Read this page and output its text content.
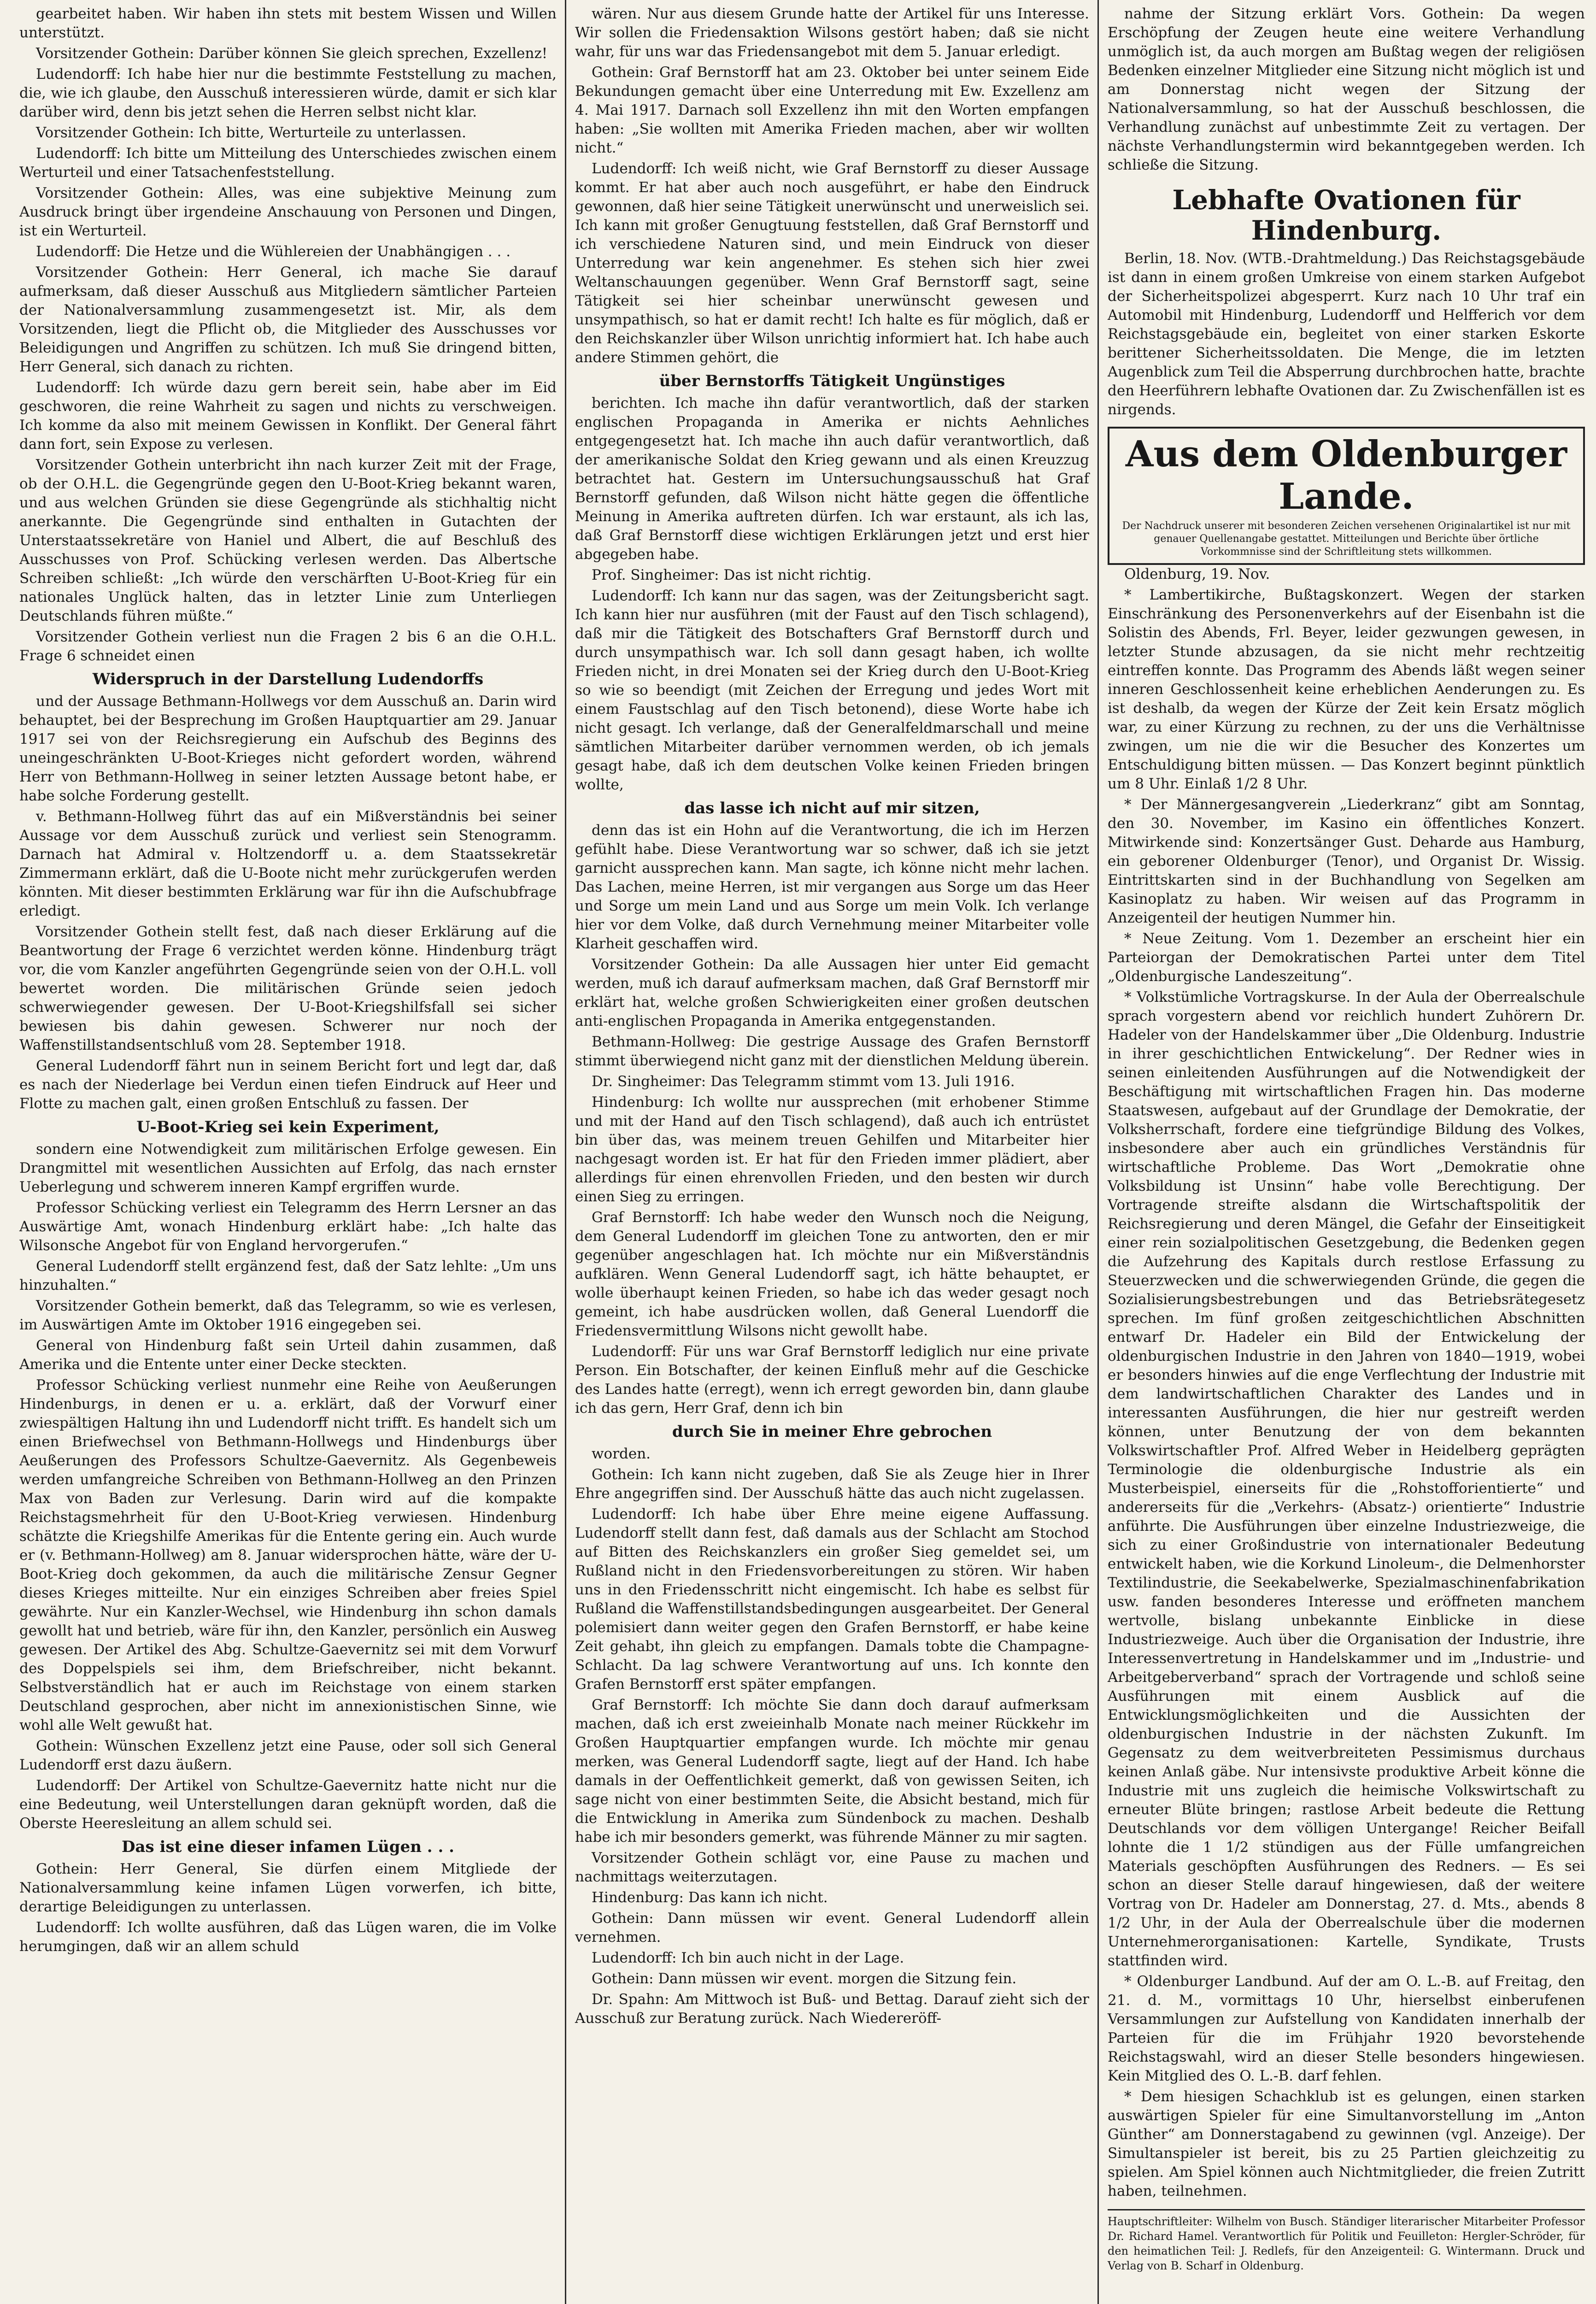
gearbeitet haben. Wir haben ihn stets mit bestem Wissen und Willen unterstützt.

Vorsitzender Gothein: Darüber können Sie gleich sprechen, Exzellenz!

Ludendorff: Ich habe hier nur die bestimmte Feststellung zu machen, die, wie ich glaube, den Ausschuß interessieren würde, damit er sich klar darüber wird, denn bis jetzt sehen die Herren selbst nicht klar.

Vorsitzender Gothein: Ich bitte, Werturteile zu unterlassen.

Ludendorff: Ich bitte um Mitteilung des Unterschiedes zwischen einem Werturteil und einer Tatsachenfeststellung.

Vorsitzender Gothein: Alles, was eine subjektive Meinung zum Ausdruck bringt über irgendeine Anschauung von Personen und Dingen, ist ein Werturteil.

Ludendorff: Die Hetze und die Wühlereien der Unabhängigen . . .

Vorsitzender Gothein: Herr General, ich mache Sie darauf aufmerksam, daß dieser Ausschuß aus Mitgliedern sämtlicher Parteien der Nationalversammlung zusammengesetzt ist. Mir, als dem Vorsitzenden, liegt die Pflicht ob, die Mitglieder des Ausschusses vor Beleidigungen und Angriffen zu schützen. Ich muß Sie dringend bitten, Herr General, sich danach zu richten.

Ludendorff: Ich würde dazu gern bereit sein, habe aber im Eid geschworen, die reine Wahrheit zu sagen und nichts zu verschweigen. Ich komme da also mit meinem Gewissen in Konflikt. Der General fährt dann fort, sein Expose zu verlesen.

Vorsitzender Gothein unterbricht ihn nach kurzer Zeit mit der Frage, ob der O.H.L. die Gegengründe gegen den U-Boot-Krieg bekannt waren, und aus welchen Gründen sie diese Gegengründe als stichhaltig nicht anerkannte. Die Gegengründe sind enthalten in Gutachten der Unterstaatssekretäre von Haniel und Albert, die auf Beschluß des Ausschusses von Prof. Schücking verlesen werden. Das Albertsche Schreiben schließt: „Ich würde den verschärften U-Boot-Krieg für ein nationales Unglück halten, das in letzter Linie zum Unterliegen Deutschlands führen müßte.“

Vorsitzender Gothein verliest nun die Fragen 2 bis 6 an die O.H.L. Frage 6 schneidet einen

Widerspruch in der Darstellung Ludendorffs

und der Aussage Bethmann-Hollwegs vor dem Ausschuß an. Darin wird behauptet, bei der Besprechung im Großen Hauptquartier am 29. Januar 1917 sei von der Reichsregierung ein Aufschub des Beginns des uneingeschränkten U-Boot-Krieges nicht gefordert worden, während Herr von Bethmann-Hollweg in seiner letzten Aussage betont habe, er habe solche Forderung gestellt.

v. Bethmann-Hollweg führt das auf ein Mißverständnis bei seiner Aussage vor dem Ausschuß zurück und verliest sein Stenogramm. Darnach hat Admiral v. Holtzendorff u. a. dem Staatssekretär Zimmermann erklärt, daß die U-Boote nicht mehr zurückgerufen werden könnten. Mit dieser bestimmten Erklärung war für ihn die Aufschubfrage erledigt.

Vorsitzender Gothein stellt fest, daß nach dieser Erklärung auf die Beantwortung der Frage 6 verzichtet werden könne. Hindenburg trägt vor, die vom Kanzler angeführten Gegengründe seien von der O.H.L. voll bewertet worden. Die militärischen Gründe seien jedoch schwerwiegender gewesen. Der U-Boot-Kriegshilfsfall sei sicher bewiesen bis dahin gewesen. Schwerer nur noch der Waffenstillstandsentschluß vom 28. September 1918.

General Ludendorff fährt nun in seinem Bericht fort und legt dar, daß es nach der Niederlage bei Verdun einen tiefen Eindruck auf Heer und Flotte zu machen galt, einen großen Entschluß zu fassen. Der

U-Boot-Krieg sei kein Experiment,

sondern eine Notwendigkeit zum militärischen Erfolge gewesen. Ein Drangmittel mit wesentlichen Aussichten auf Erfolg, das nach ernster Ueberlegung und schwerem inneren Kampf ergriffen wurde.

Professor Schücking verliest ein Telegramm des Herrn Lersner an das Auswärtige Amt, wonach Hindenburg erklärt habe: „Ich halte das Wilsonsche Angebot für von England hervorgerufen.“

General Ludendorff stellt ergänzend fest, daß der Satz lehlte: „Um uns hinzuhalten.“

Vorsitzender Gothein bemerkt, daß das Telegramm, so wie es verlesen, im Auswärtigen Amte im Oktober 1916 eingegeben sei.

General von Hindenburg faßt sein Urteil dahin zusammen, daß Amerika und die Entente unter einer Decke steckten.

Professor Schücking verliest nunmehr eine Reihe von Aeußerungen Hindenburgs, in denen er u. a. erklärt, daß der Vorwurf einer zwiespältigen Haltung ihn und Ludendorff nicht trifft. Es handelt sich um einen Briefwechsel von Bethmann-Hollwegs und Hindenburgs über Aeußerungen des Professors Schultze-Gaevernitz. Als Gegenbeweis werden umfangreiche Schreiben von Bethmann-Hollweg an den Prinzen Max von Baden zur Verlesung. Darin wird auf die kompakte Reichstagsmehrheit für den U-Boot-Krieg verwiesen. Hindenburg schätzte die Kriegshilfe Amerikas für die Entente gering ein. Auch wurde er (v. Bethmann-Hollweg) am 8. Januar widersprochen hätte, wäre der U-Boot-Krieg doch gekommen, da auch die militärische Zensur Gegner dieses Krieges mitteilte. Nur ein einziges Schreiben aber freies Spiel gewährte. Nur ein Kanzler-Wechsel, wie Hindenburg ihn schon damals gewollt hat und betrieb, wäre für ihn, den Kanzler, persönlich ein Ausweg gewesen. Der Artikel des Abg. Schultze-Gaevernitz sei mit dem Vorwurf des Doppelspiels sei ihm, dem Briefschreiber, nicht bekannt. Selbstverständlich hat er auch im Reichstage von einem starken Deutschland gesprochen, aber nicht im annexionistischen Sinne, wie wohl alle Welt gewußt hat.

Gothein: Wünschen Exzellenz jetzt eine Pause, oder soll sich General Ludendorff erst dazu äußern.

Ludendorff: Der Artikel von Schultze-Gaevernitz hatte nicht nur die eine Bedeutung, weil Unterstellungen daran geknüpft worden, daß die Oberste Heeresleitung an allem schuld sei.

Das ist eine dieser infamen Lügen . . .

Gothein: Herr General, Sie dürfen einem Mitgliede der Nationalversammlung keine infamen Lügen vorwerfen, ich bitte, derartige Beleidigungen zu unterlassen.

Ludendorff: Ich wollte ausführen, daß das Lügen waren, die im Volke herumgingen, daß wir an allem schuld

wären. Nur aus diesem Grunde hatte der Artikel für uns Interesse. Wir sollen die Friedensaktion Wilsons gestört haben; daß sie nicht wahr, für uns war das Friedensangebot mit dem 5. Januar erledigt.

Gothein: Graf Bernstorff hat am 23. Oktober bei unter seinem Eide Bekundungen gemacht über eine Unterredung mit Ew. Exzellenz am 4. Mai 1917. Darnach soll Exzellenz ihn mit den Worten empfangen haben: „Sie wollten mit Amerika Frieden machen, aber wir wollten nicht.“

Ludendorff: Ich weiß nicht, wie Graf Bernstorff zu dieser Aussage kommt. Er hat aber auch noch ausgeführt, er habe den Eindruck gewonnen, daß hier seine Tätigkeit unerwünscht und unerweislich sei. Ich kann mit großer Genugtuung feststellen, daß Graf Bernstorff und ich verschiedene Naturen sind, und mein Eindruck von dieser Unterredung war kein angenehmer. Es stehen sich hier zwei Weltanschauungen gegenüber. Wenn Graf Bernstorff sagt, seine Tätigkeit sei hier scheinbar unerwünscht gewesen und unsympathisch, so hat er damit recht! Ich halte es für möglich, daß er den Reichskanzler über Wilson unrichtig informiert hat. Ich habe auch andere Stimmen gehört, die

über Bernstorffs Tätigkeit Ungünstiges

berichten. Ich mache ihn dafür verantwortlich, daß der starken englischen Propaganda in Amerika er nichts Aehnliches entgegengesetzt hat. Ich mache ihn auch dafür verantwortlich, daß der amerikanische Soldat den Krieg gewann und als einen Kreuzzug betrachtet hat. Gestern im Untersuchungsausschuß hat Graf Bernstorff gefunden, daß Wilson nicht hätte gegen die öffentliche Meinung in Amerika auftreten dürfen. Ich war erstaunt, als ich las, daß Graf Bernstorff diese wichtigen Erklärungen jetzt und erst hier abgegeben habe.

Prof. Singheimer: Das ist nicht richtig.

Ludendorff: Ich kann nur das sagen, was der Zeitungsbericht sagt. Ich kann hier nur ausführen (mit der Faust auf den Tisch schlagend), daß mir die Tätigkeit des Botschafters Graf Bernstorff durch und durch unsympathisch war. Ich soll dann gesagt haben, ich wollte Frieden nicht, in drei Monaten sei der Krieg durch den U-Boot-Krieg so wie so beendigt (mit Zeichen der Erregung und jedes Wort mit einem Faustschlag auf den Tisch betonend), diese Worte habe ich nicht gesagt. Ich verlange, daß der Generalfeldmarschall und meine sämtlichen Mitarbeiter darüber vernommen werden, ob ich jemals gesagt habe, daß ich dem deutschen Volke keinen Frieden bringen wollte,

das lasse ich nicht auf mir sitzen,

denn das ist ein Hohn auf die Verantwortung, die ich im Herzen gefühlt habe. Diese Verantwortung war so schwer, daß ich sie jetzt garnicht aussprechen kann. Man sagte, ich könne nicht mehr lachen. Das Lachen, meine Herren, ist mir vergangen aus Sorge um das Heer und Sorge um mein Land und aus Sorge um mein Volk. Ich verlange hier vor dem Volke, daß durch Vernehmung meiner Mitarbeiter volle Klarheit geschaffen wird.

Vorsitzender Gothein: Da alle Aussagen hier unter Eid gemacht werden, muß ich darauf aufmerksam machen, daß Graf Bernstorff mir erklärt hat, welche großen Schwierigkeiten einer großen deutschen anti-englischen Propaganda in Amerika entgegenstanden.

Bethmann-Hollweg: Die gestrige Aussage des Grafen Bernstorff stimmt überwiegend nicht ganz mit der dienstlichen Meldung überein.

Dr. Singheimer: Das Telegramm stimmt vom 13. Juli 1916.

Hindenburg: Ich wollte nur aussprechen (mit erhobener Stimme und mit der Hand auf den Tisch schlagend), daß auch ich entrüstet bin über das, was meinem treuen Gehilfen und Mitarbeiter hier nachgesagt worden ist. Er hat für den Frieden immer plädiert, aber allerdings für einen ehrenvollen Frieden, und den besten wir durch einen Sieg zu erringen.

Graf Bernstorff: Ich habe weder den Wunsch noch die Neigung, dem General Ludendorff im gleichen Tone zu antworten, den er mir gegenüber angeschlagen hat. Ich möchte nur ein Mißverständnis aufklären. Wenn General Ludendorff sagt, ich hätte behauptet, er wolle überhaupt keinen Frieden, so habe ich das weder gesagt noch gemeint, ich habe ausdrücken wollen, daß General Luendorff die Friedensvermittlung Wilsons nicht gewollt habe.

Ludendorff: Für uns war Graf Bernstorff lediglich nur eine private Person. Ein Botschafter, der keinen Einfluß mehr auf die Geschicke des Landes hatte (erregt), wenn ich erregt geworden bin, dann glaube ich das gern, Herr Graf, denn ich bin

durch Sie in meiner Ehre gebrochen

worden.

Gothein: Ich kann nicht zugeben, daß Sie als Zeuge hier in Ihrer Ehre angegriffen sind. Der Ausschuß hätte das auch nicht zugelassen.

Ludendorff: Ich habe über Ehre meine eigene Auffassung. Ludendorff stellt dann fest, daß damals aus der Schlacht am Stochod auf Bitten des Reichskanzlers ein großer Sieg gemeldet sei, um Rußland nicht in den Friedensvorbereitungen zu stören. Wir haben uns in den Friedensschritt nicht eingemischt. Ich habe es selbst für Rußland die Waffenstillstandsbedingungen ausgearbeitet. Der General polemisiert dann weiter gegen den Grafen Bernstorff, er habe keine Zeit gehabt, ihn gleich zu empfangen. Damals tobte die Champagne-Schlacht. Da lag schwere Verantwortung auf uns. Ich konnte den Grafen Bernstorff erst später empfangen.

Graf Bernstorff: Ich möchte Sie dann doch darauf aufmerksam machen, daß ich erst zweieinhalb Monate nach meiner Rückkehr im Großen Hauptquartier empfangen wurde. Ich möchte mir genau merken, was General Ludendorff sagte, liegt auf der Hand. Ich habe damals in der Oeffentlichkeit gemerkt, daß von gewissen Seiten, ich sage nicht von einer bestimmten Seite, die Absicht bestand, mich für die Entwicklung in Amerika zum Sündenbock zu machen. Deshalb habe ich mir besonders gemerkt, was führende Männer zu mir sagten.

Vorsitzender Gothein schlägt vor, eine Pause zu machen und nachmittags weiterzutagen.

Hindenburg: Das kann ich nicht.

Gothein: Dann müssen wir event. General Ludendorff allein vernehmen.

Ludendorff: Ich bin auch nicht in der Lage.

Gothein: Dann müssen wir event. morgen die Sitzung fein.

Dr. Spahn: Am Mittwoch ist Buß- und Bettag. Darauf zieht sich der Ausschuß zur Beratung zurück. Nach Wiedereröff-

nahme der Sitzung erklärt Vors. Gothein: Da wegen Erschöpfung der Zeugen heute eine weitere Verhandlung unmöglich ist, da auch morgen am Bußtag wegen der religiösen Bedenken einzelner Mitglieder eine Sitzung nicht möglich ist und am Donnerstag nicht wegen der Sitzung der Nationalversammlung, so hat der Ausschuß beschlossen, die Verhandlung zunächst auf unbestimmte Zeit zu vertagen. Der nächste Verhandlungstermin wird bekanntgegeben werden. Ich schließe die Sitzung.

Lebhafte Ovationen für Hindenburg.

Berlin, 18. Nov. (WTB.-Drahtmeldung.) Das Reichstagsgebäude ist dann in einem großen Umkreise von einem starken Aufgebot der Sicherheitspolizei abgesperrt. Kurz nach 10 Uhr traf ein Automobil mit Hindenburg, Ludendorff und Helfferich vor dem Reichstagsgebäude ein, begleitet von einer starken Eskorte berittener Sicherheitssoldaten. Die Menge, die im letzten Augenblick zum Teil die Absperrung durchbrochen hatte, brachte den Heerführern lebhafte Ovationen dar. Zu Zwischenfällen ist es nirgends.

Aus dem Oldenburger Lande.

Der Nachdruck unserer mit besonderen Zeichen versehenen Originalartikel ist nur mit genauer Quellenangabe gestattet. Mitteilungen und Berichte über örtliche Vorkommnisse sind der Schriftleitung stets willkommen.

Oldenburg, 19. Nov.

* Lambertikirche, Bußtagskonzert. Wegen der starken Einschränkung des Personenverkehrs auf der Eisenbahn ist die Solistin des Abends, Frl. Beyer, leider gezwungen gewesen, in letzter Stunde abzusagen, da sie nicht mehr rechtzeitig eintreffen konnte. Das Programm des Abends läßt wegen seiner inneren Geschlossenheit keine erheblichen Aenderungen zu. Es ist deshalb, da wegen der Kürze der Zeit kein Ersatz möglich war, zu einer Kürzung zu rechnen, zu der uns die Verhältnisse zwingen, um nie die wir die Besucher des Konzertes um Entschuldigung bitten müssen. — Das Konzert beginnt pünktlich um 8 Uhr. Einlaß 1/2 8 Uhr.

* Der Männergesangverein „Liederkranz“ gibt am Sonntag, den 30. November, im Kasino ein öffentliches Konzert. Mitwirkende sind: Konzertsänger Gust. Deharde aus Hamburg, ein geborener Oldenburger (Tenor), und Organist Dr. Wissig. Eintrittskarten sind in der Buchhandlung von Segelken am Kasinoplatz zu haben. Wir weisen auf das Programm in Anzeigenteil der heutigen Nummer hin.

* Neue Zeitung. Vom 1. Dezember an erscheint hier ein Parteiorgan der Demokratischen Partei unter dem Titel „Oldenburgische Landeszeitung“.

* Volkstümliche Vortragskurse. In der Aula der Oberrealschule sprach vorgestern abend vor reichlich hundert Zuhörern Dr. Hadeler von der Handelskammer über „Die Oldenburg. Industrie in ihrer geschichtlichen Entwickelung“. Der Redner wies in seinen einleitenden Ausführungen auf die Notwendigkeit der Beschäftigung mit wirtschaftlichen Fragen hin. Das moderne Staatswesen, aufgebaut auf der Grundlage der Demokratie, der Volksherrschaft, fordere eine tiefgründige Bildung des Volkes, insbesondere aber auch ein gründliches Verständnis für wirtschaftliche Probleme. Das Wort „Demokratie ohne Volksbildung ist Unsinn“ habe volle Berechtigung. Der Vortragende streifte alsdann die Wirtschaftspolitik der Reichsregierung und deren Mängel, die Gefahr der Einseitigkeit einer rein sozialpolitischen Gesetzgebung, die Bedenken gegen die Aufzehrung des Kapitals durch restlose Erfassung zu Steuerzwecken und die schwerwiegenden Gründe, die gegen die Sozialisierungsbestrebungen und das Betriebsrätegesetz sprechen. Im fünf großen zeitgeschichtlichen Abschnitten entwarf Dr. Hadeler ein Bild der Entwickelung der oldenburgischen Industrie in den Jahren von 1840—1919, wobei er besonders hinwies auf die enge Verflechtung der Industrie mit dem landwirtschaftlichen Charakter des Landes und in interessanten Ausführungen, die hier nur gestreift werden können, unter Benutzung der von dem bekannten Volkswirtschaftler Prof. Alfred Weber in Heidelberg geprägten Terminologie die oldenburgische Industrie als ein Musterbeispiel, einerseits für die „Rohstofforientierte“ und andererseits für die „Verkehrs- (Absatz-) orientierte“ Industrie anführte. Die Ausführungen über einzelne Industriezweige, die sich zu einer Großindustrie von internationaler Bedeutung entwickelt haben, wie die Korkund Linoleum-, die Delmenhorster Textilindustrie, die Seekabelwerke, Spezialmaschinenfabrikation usw. fanden besonderes Interesse und eröffneten manchem wertvolle, bislang unbekannte Einblicke in diese Industriezweige. Auch über die Organisation der Industrie, ihre Interessenvertretung in Handelskammer und im „Industrie- und Arbeitgeberverband“ sprach der Vortragende und schloß seine Ausführungen mit einem Ausblick auf die Entwicklungsmöglichkeiten und die Aussichten der oldenburgischen Industrie in der nächsten Zukunft. Im Gegensatz zu dem weitverbreiteten Pessimismus durchaus keinen Anlaß gäbe. Nur intensivste produktive Arbeit könne die Industrie mit uns zugleich die heimische Volkswirtschaft zu erneuter Blüte bringen; rastlose Arbeit bedeute die Rettung Deutschlands vor dem völligen Untergange! Reicher Beifall lohnte die 1 1/2 stündigen aus der Fülle umfangreichen Materials geschöpften Ausführungen des Redners. — Es sei schon an dieser Stelle darauf hingewiesen, daß der weitere Vortrag von Dr. Hadeler am Donnerstag, 27. d. Mts., abends 8 1/2 Uhr, in der Aula der Oberrealschule über die modernen Unternehmerorganisationen: Kartelle, Syndikate, Trusts stattfinden wird.

* Oldenburger Landbund. Auf der am O. L.-B. auf Freitag, den 21. d. M., vormittags 10 Uhr, hierselbst einberufenen Versammlungen zur Aufstellung von Kandidaten innerhalb der Parteien für die im Frühjahr 1920 bevorstehende Reichstagswahl, wird an dieser Stelle besonders hingewiesen. Kein Mitglied des O. L.-B. darf fehlen.

* Dem hiesigen Schachklub ist es gelungen, einen starken auswärtigen Spieler für eine Simultanvorstellung im „Anton Günther“ am Donnerstagabend zu gewinnen (vgl. Anzeige). Der Simultanspieler ist bereit, bis zu 25 Partien gleichzeitig zu spielen. Am Spiel können auch Nichtmitglieder, die freien Zutritt haben, teilnehmen.

Hauptschriftleiter: Wilhelm von Busch. Ständiger literarischer Mitarbeiter Professor Dr. Richard Hamel. Verantwortlich für Politik und Feuilleton: Hergler-Schröder, für den heimatlichen Teil: J. Redlefs, für den Anzeigenteil: G. Wintermann. Druck und Verlag von B. Scharf in Oldenburg.
